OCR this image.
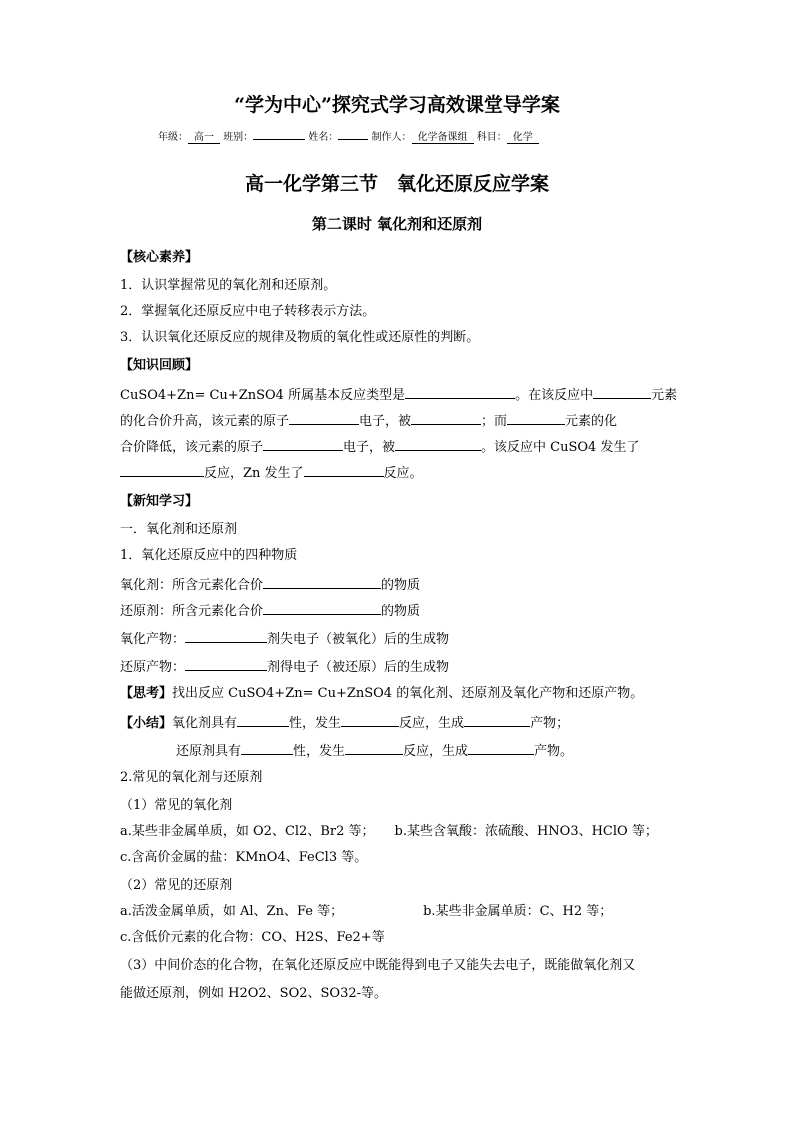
“学为中心”探究式学习高效课堂导学案
年级： 高一 班别：	姓名：	制作人： 化学备课组 科目： 化学
高一化学第三节　氧化还原反应学案
第二课时 氧化剂和还原剂
【核心素养】
1．认识掌握常见的氧化剂和还原剂。
2．掌握氧化还原反应中电子转移表示方法。
3．认识氧化还原反应的规律及物质的氧化性或还原性的判断。
【知识回顾】
CuSO4+Zn= Cu+ZnSO4 所属基本反应类型是	。在该反应中	元素
的化合价升高，该元素的原子	电子，被	；而	元素的化
合价降低，该元素的原子	电子，被	。该反应中 CuSO4 发生了
反应，Zn 发生了	反应。
【新知学习】
一．氧化剂和还原剂
1．氧化还原反应中的四种物质
氧化剂：所含元素化合价	的物质
还原剂：所含元素化合价	的物质
氧化产物：	剂失电子（被氧化）后的生成物
还原产物：	剂得电子（被还原）后的生成物
【思考】找出反应 CuSO4+Zn= Cu+ZnSO4 的氧化剂、还原剂及氧化产物和还原产物。
【小结】氧化剂具有	性，发生	反应，生成	产物；
还原剂具有	性，发生	反应，生成	产物。
2.常见的氧化剂与还原剂
（1）常见的氧化剂
a.某些非金属单质，如 O2、Cl2、Br2 等； b.某些含氧酸：浓硫酸、HNO3、HClO 等；
c.含高价金属的盐：KMnO4、FeCl3 等。
（2）常见的还原剂
a.活泼金属单质，如 Al、Zn、Fe 等；	b.某些非金属单质：C、H2 等；
c.含低价元素的化合物：CO、H2S、Fe2+等
（3）中间价态的化合物，在氧化还原反应中既能得到电子又能失去电子，既能做氧化剂又
能做还原剂，例如 H2O2、SO2、SO32-等。
